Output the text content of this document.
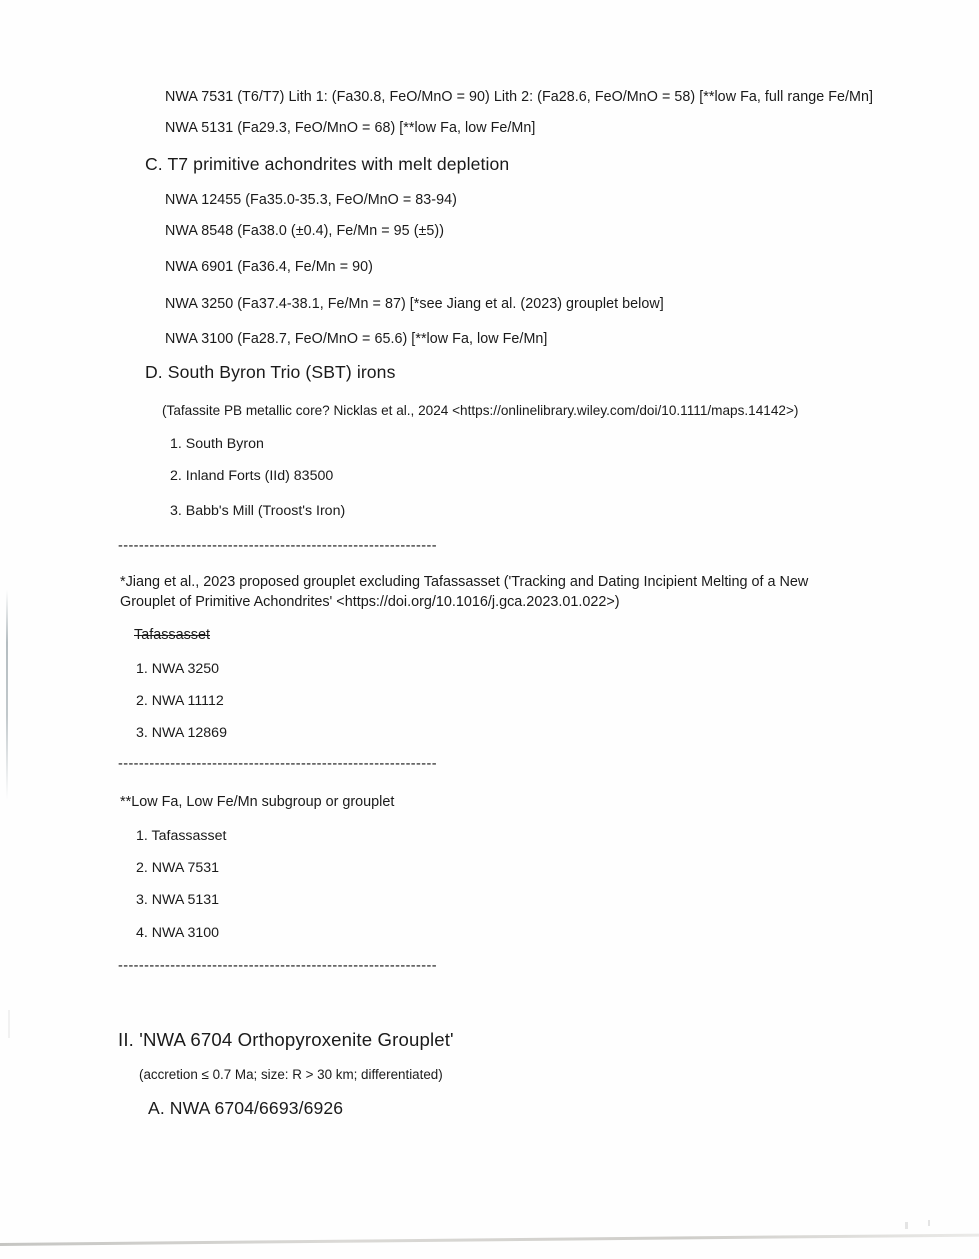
NWA 7531 (T6/T7) Lith 1: (Fa30.8, FeO/MnO = 90) Lith 2: (Fa28.6, FeO/MnO = 58) [**low Fa, full range Fe/Mn]
NWA 5131 (Fa29.3, FeO/MnO = 68) [**low Fa, low Fe/Mn]
C. T7 primitive achondrites with melt depletion
NWA 12455 (Fa35.0-35.3, FeO/MnO = 83-94)
NWA 8548 (Fa38.0 (±0.4), Fe/Mn = 95 (±5))
NWA 6901 (Fa36.4, Fe/Mn = 90)
NWA 3250 (Fa37.4-38.1, Fe/Mn = 87) [*see Jiang et al. (2023) grouplet below]
NWA 3100 (Fa28.7, FeO/MnO = 65.6) [**low Fa, low Fe/Mn]
D. South Byron Trio (SBT) irons
(Tafassite PB metallic core? Nicklas et al., 2024 <https://onlinelibrary.wiley.com/doi/10.1111/maps.14142>)
1. South Byron
2. Inland Forts (IId) 83500
3. Babb's Mill (Troost's Iron)
-------------------------------------------------------------
*Jiang et al., 2023 proposed grouplet excluding Tafassasset ('Tracking and Dating Incipient Melting of a New Grouplet of Primitive Achondrites' <https://doi.org/10.1016/j.gca.2023.01.022>)
Tafassasset
1. NWA 3250
2. NWA 11112
3. NWA 12869
-------------------------------------------------------------
**Low Fa, Low Fe/Mn subgroup or grouplet
1. Tafassasset
2. NWA 7531
3. NWA 5131
4. NWA 3100
-------------------------------------------------------------
II. 'NWA 6704 Orthopyroxenite Grouplet'
(accretion ≤ 0.7 Ma; size: R > 30 km; differentiated)
A. NWA 6704/6693/6926
